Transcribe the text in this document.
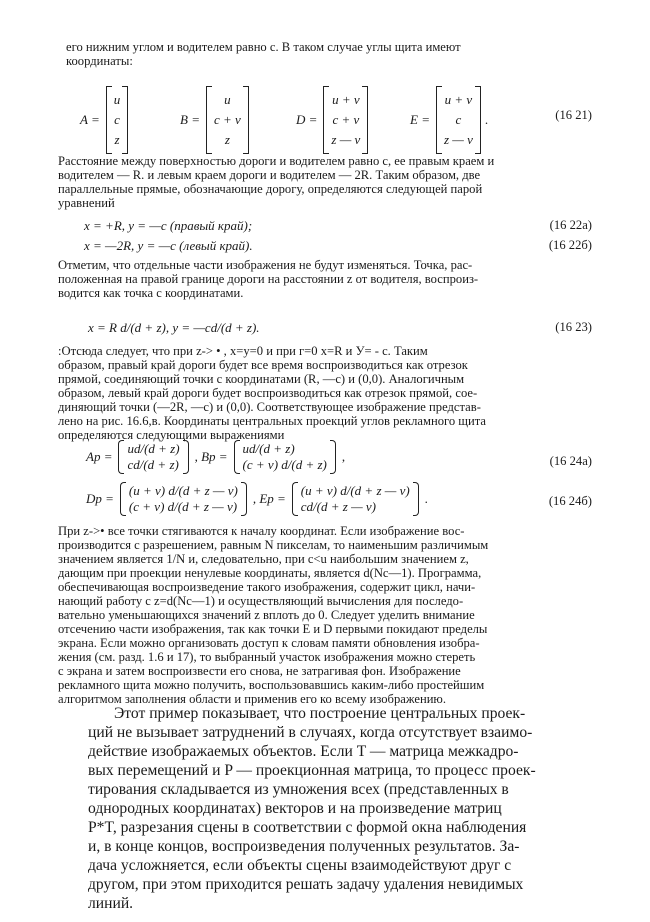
его нижним углом и водителем равно c. В таком случае углы щита имеют
координаты:
A =
u
c
z
B =
u
c + v
z
D =
u + v
c + v
z — v
E =
u + v
c
z — v
.	(16 21)
Расстояние между поверхностью дороги и водителем равно c, ее правым краем и
водителем — R. и левым краем дороги и водителем — 2R. Таким образом, две
параллельные прямые, обозначающие дорогу, определяются следующей парой
уравнений
x = +R, y = —c (правый край);	(16 22a)
x = —2R, y = —c (левый край).	(16 22б)
Отметим, что отдельные части изображения не будут изменяться. Точка, рас-
положенная на правой границе дороги на расстоянии z от водителя, воспроиз-
водится как точка с координатами.
x = R d/(d + z), y = —cd/(d + z).	(16 23)
:Отсюда следует, что при z-> • , x=y=0 и при г=0 x=R и У= - c. Таким
образом, правый край дороги будет все время воспроизводиться как отрезок
прямой, соединяющий точки с координатами (R, —c) и (0,0). Аналогичным
образом, левый край дороги будет воспроизводиться как отрезок прямой, сое-
диняющий точки (—2R, —c) и (0,0). Соответствующее изображение представ-
лено на рис. 16.6,в. Координаты центральных проекций углов рекламного щита
определяются следующими выражениями
Ap =
ud/(d + z)
cd/(d + z)
, Bp =
ud/(d + z)
(c + v) d/(d + z)
,	(16 24a)
Dp =
(u + v) d/(d + z — v)
(c + v) d/(d + z — v)
, Ep =
(u + v) d/(d + z — v)
cd/(d + z — v)
.	(16 24б)
При z->• все точки стягиваются к началу координат. Если изображение вос-
производится с разрешением, равным N пикселам, то наименьшим различимым
значением является 1/N и, следовательно, при c<u наибольшим значением z,
дающим при проекции ненулевые координаты, является d(Nc—1). Программа,
обеспечивающая воспроизведение такого изображения, содержит цикл, начи-
нающий работу с z=d(Nc—1) и осуществляющий вычисления для последо-
вательно уменьшающихся значений z вплоть до 0. Следует уделить внимание
отсечению части изображения, так как точки E и D первыми покидают пределы
экрана. Если можно организовать доступ к словам памяти обновления изобра-
жения (см. разд. 1.6 и 17), то выбранный участок изображения можно стереть
с экрана и затем воспроизвести его снова, не затрагивая фон. Изображение
рекламного щита можно получить, воспользовавшись каким-либо простейшим
алгоритмом заполнения области и применив его ко всему изображению.
Этот пример показывает, что построение центральных проек-
ций не вызывает затруднений в случаях, когда отсутствует взаимо-
действие изображаемых объектов. Если T — матрица межкадро-
вых перемещений и P — проекционная матрица, то процесс проек-
тирования складывается из умножения всех (представленных в
однородных координатах) векторов и на произведение матриц
P*T, разрезания сцены в соответствии с формой окна наблюдения
и, в конце концов, воспроизведения полученных результатов. За-
дача усложняется, если объекты сцены взаимодействуют друг с
другом, при этом приходится решать задачу удаления невидимых
линий.
